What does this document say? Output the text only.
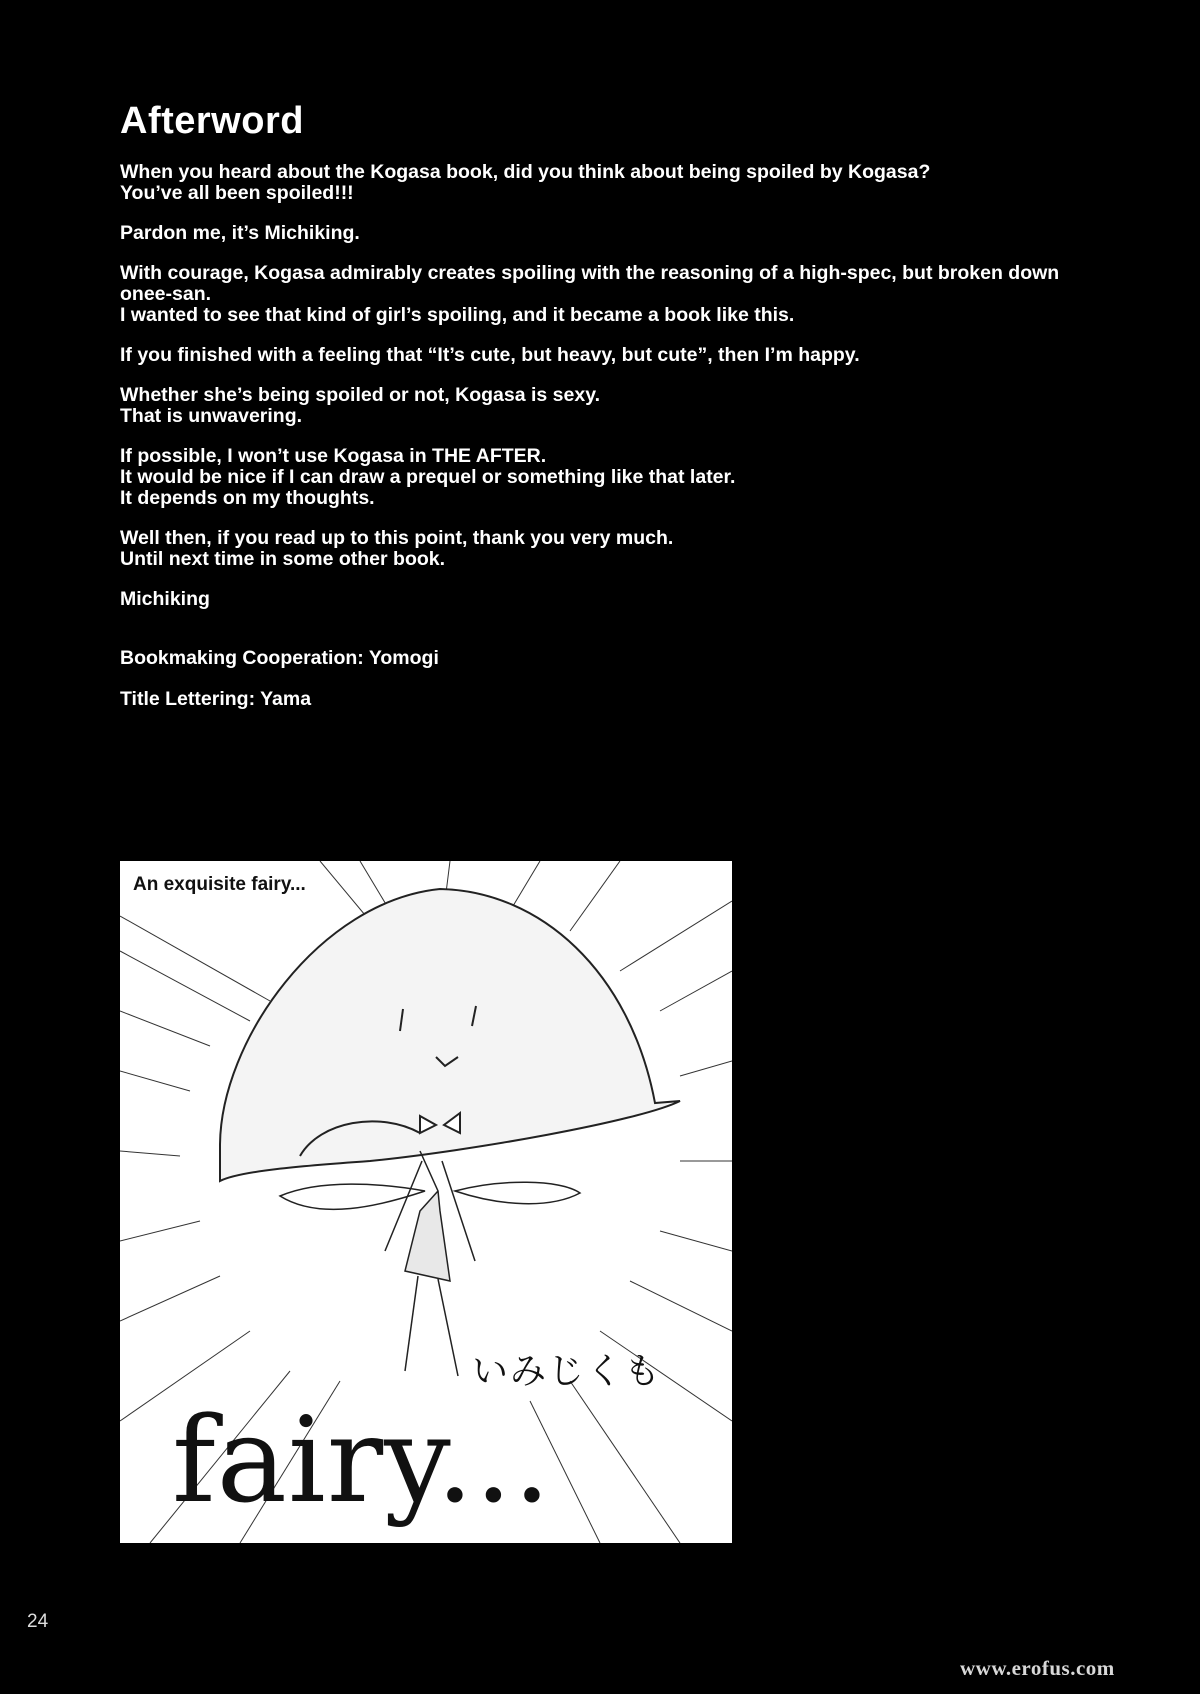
Afterword

When you heard about the Kogasa book, did you think about being spoiled by Kogasa?
You’ve all been spoiled!!!

Pardon me, it’s Michiking.

With courage, Kogasa admirably creates spoiling with the reasoning of a high-spec, but broken down onee-san.
I wanted to see that kind of girl’s spoiling, and it became a book like this.

If you finished with a feeling that “It’s cute, but heavy, but cute”, then I’m happy.

Whether she’s being spoiled or not, Kogasa is sexy.
That is unwavering.

If possible, I won’t use Kogasa in THE AFTER.
It would be nice if I can draw a prequel or something like that later.
It depends on my thoughts.

Well then, if you read up to this point, thank you very much.
Until next time in some other book.

Michiking

Bookmaking Cooperation: Yomogi

Title Lettering: Yama

An exquisite fairy...
いみじくも
fairy...
24
www.erofus.com
